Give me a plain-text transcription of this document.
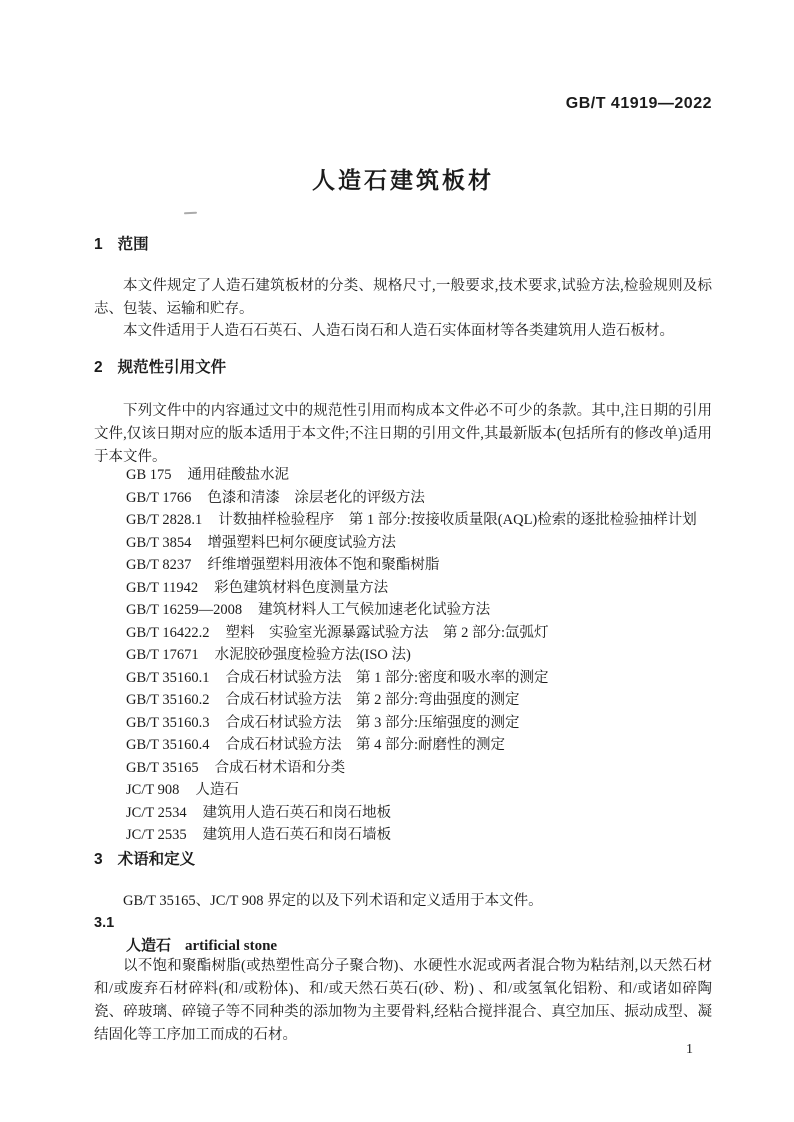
GB/T 41919—2022
人造石建筑板材
1 范围

本文件规定了人造石建筑板材的分类、规格尺寸,一般要求,技术要求,试验方法,检验规则及标志、包装、运输和贮存。

本文件适用于人造石石英石、人造石岗石和人造石实体面材等各类建筑用人造石板材。

2 规范性引用文件

下列文件中的内容通过文中的规范性引用而构成本文件必不可少的条款。其中,注日期的引用文件,仅该日期对应的版本适用于本文件;不注日期的引用文件,其最新版本(包括所有的修改单)适用于本文件。

GB 175 通用硅酸盐水泥
GB/T 1766 色漆和清漆　涂层老化的评级方法
GB/T 2828.1 计数抽样检验程序　第 1 部分:按接收质量限(AQL)检索的逐批检验抽样计划
GB/T 3854 增强塑料巴柯尔硬度试验方法
GB/T 8237 纤维增强塑料用液体不饱和聚酯树脂
GB/T 11942 彩色建筑材料色度测量方法
GB/T 16259—2008 建筑材料人工气候加速老化试验方法
GB/T 16422.2 塑料　实验室光源暴露试验方法　第 2 部分:氙弧灯
GB/T 17671 水泥胶砂强度检验方法(ISO 法)
GB/T 35160.1 合成石材试验方法　第 1 部分:密度和吸水率的测定
GB/T 35160.2 合成石材试验方法　第 2 部分:弯曲强度的测定
GB/T 35160.3 合成石材试验方法　第 3 部分:压缩强度的测定
GB/T 35160.4 合成石材试验方法　第 4 部分:耐磨性的测定
GB/T 35165 合成石材术语和分类
JC/T 908 人造石
JC/T 2534 建筑用人造石英石和岗石地板
JC/T 2535 建筑用人造石英石和岗石墙板
3 术语和定义

GB/T 35165、JC/T 908 界定的以及下列术语和定义适用于本文件。

3.1
人造石 artificial stone

以不饱和聚酯树脂(或热塑性高分子聚合物)、水硬性水泥或两者混合物为粘结剂,以天然石材和/或废弃石材碎料(和/或粉体)、和/或天然石英石(砂、粉) 、和/或氢氧化铝粉、和/或诸如碎陶瓷、碎玻璃、碎镜子等不同种类的添加物为主要骨料,经粘合搅拌混合、真空加压、振动成型、凝结固化等工序加工而成的石材。

1
